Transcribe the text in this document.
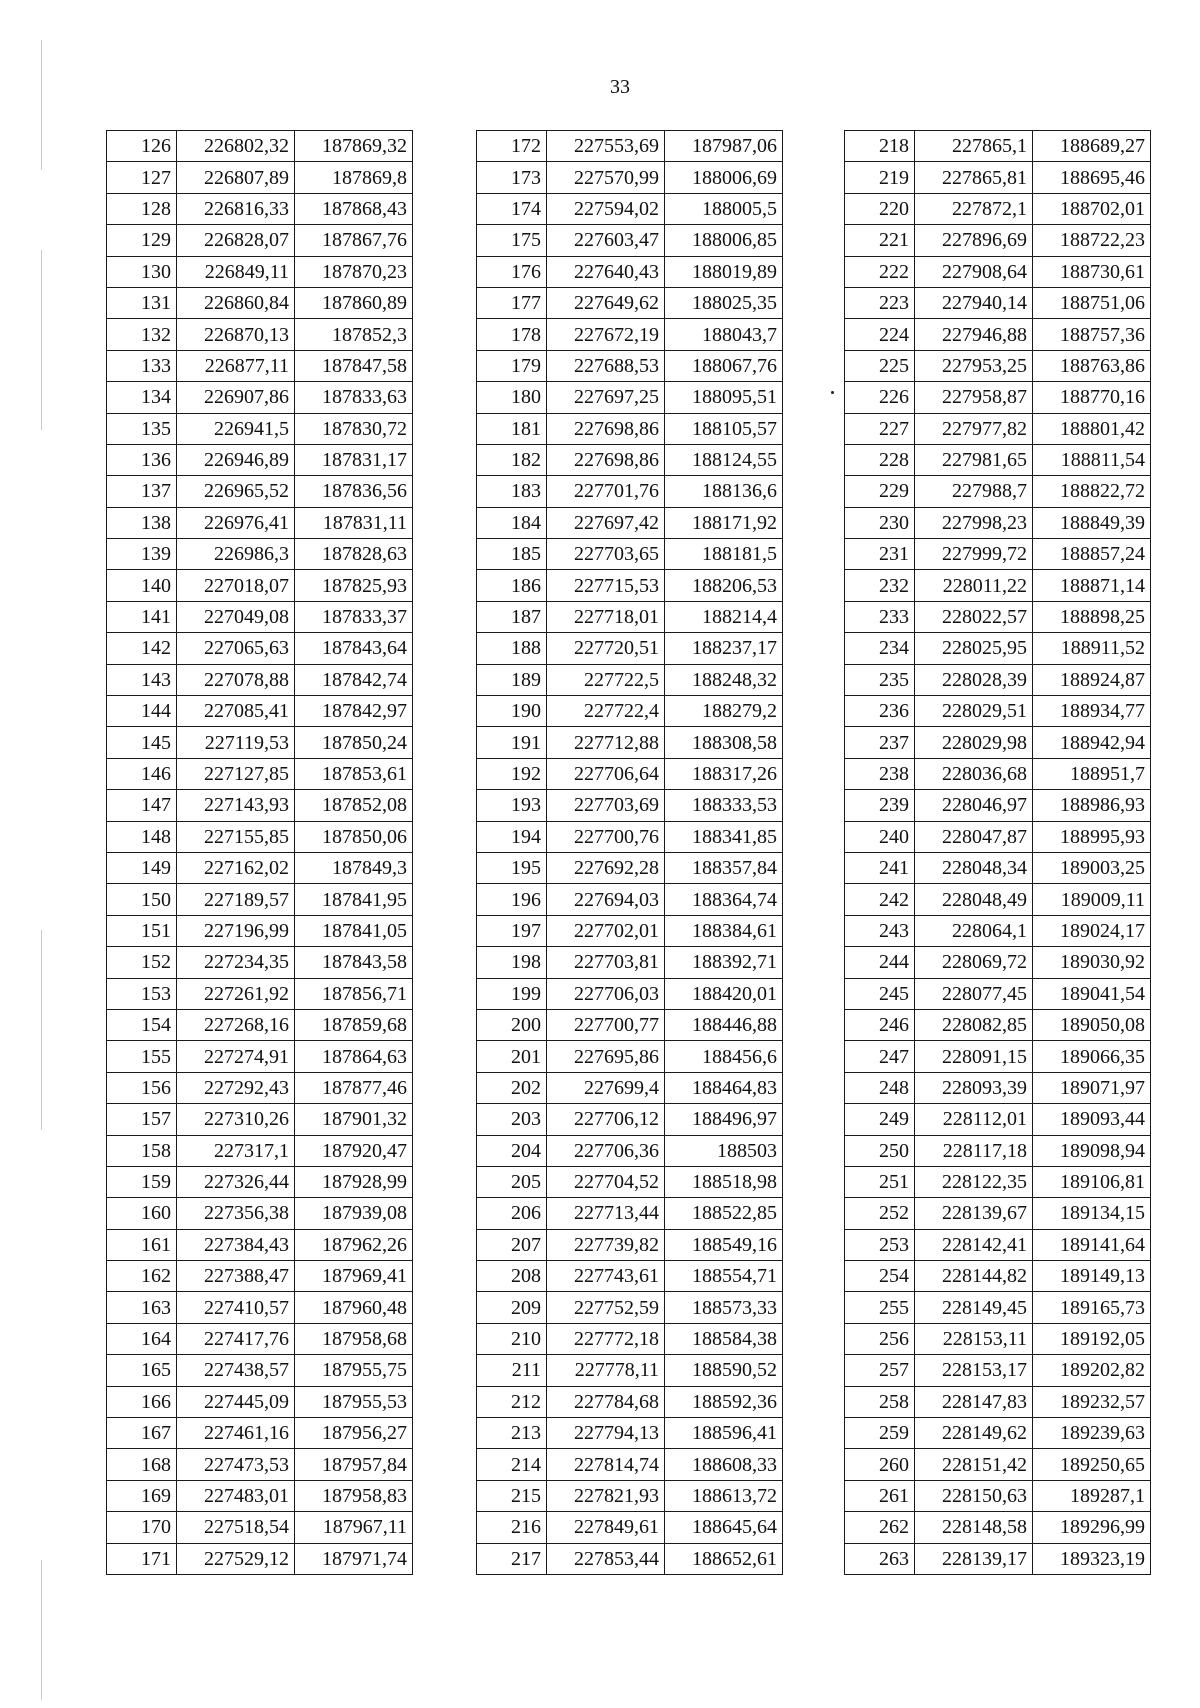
33
126	226802,32	187869,32
127	226807,89	187869,8
128	226816,33	187868,43
129	226828,07	187867,76
130	226849,11	187870,23
131	226860,84	187860,89
132	226870,13	187852,3
133	226877,11	187847,58
134	226907,86	187833,63
135	226941,5	187830,72
136	226946,89	187831,17
137	226965,52	187836,56
138	226976,41	187831,11
139	226986,3	187828,63
140	227018,07	187825,93
141	227049,08	187833,37
142	227065,63	187843,64
143	227078,88	187842,74
144	227085,41	187842,97
145	227119,53	187850,24
146	227127,85	187853,61
147	227143,93	187852,08
148	227155,85	187850,06
149	227162,02	187849,3
150	227189,57	187841,95
151	227196,99	187841,05
152	227234,35	187843,58
153	227261,92	187856,71
154	227268,16	187859,68
155	227274,91	187864,63
156	227292,43	187877,46
157	227310,26	187901,32
158	227317,1	187920,47
159	227326,44	187928,99
160	227356,38	187939,08
161	227384,43	187962,26
162	227388,47	187969,41
163	227410,57	187960,48
164	227417,76	187958,68
165	227438,57	187955,75
166	227445,09	187955,53
167	227461,16	187956,27
168	227473,53	187957,84
169	227483,01	187958,83
170	227518,54	187967,11
171	227529,12	187971,74
172	227553,69	187987,06
173	227570,99	188006,69
174	227594,02	188005,5
175	227603,47	188006,85
176	227640,43	188019,89
177	227649,62	188025,35
178	227672,19	188043,7
179	227688,53	188067,76
180	227697,25	188095,51
181	227698,86	188105,57
182	227698,86	188124,55
183	227701,76	188136,6
184	227697,42	188171,92
185	227703,65	188181,5
186	227715,53	188206,53
187	227718,01	188214,4
188	227720,51	188237,17
189	227722,5	188248,32
190	227722,4	188279,2
191	227712,88	188308,58
192	227706,64	188317,26
193	227703,69	188333,53
194	227700,76	188341,85
195	227692,28	188357,84
196	227694,03	188364,74
197	227702,01	188384,61
198	227703,81	188392,71
199	227706,03	188420,01
200	227700,77	188446,88
201	227695,86	188456,6
202	227699,4	188464,83
203	227706,12	188496,97
204	227706,36	188503
205	227704,52	188518,98
206	227713,44	188522,85
207	227739,82	188549,16
208	227743,61	188554,71
209	227752,59	188573,33
210	227772,18	188584,38
211	227778,11	188590,52
212	227784,68	188592,36
213	227794,13	188596,41
214	227814,74	188608,33
215	227821,93	188613,72
216	227849,61	188645,64
217	227853,44	188652,61
218	227865,1	188689,27
219	227865,81	188695,46
220	227872,1	188702,01
221	227896,69	188722,23
222	227908,64	188730,61
223	227940,14	188751,06
224	227946,88	188757,36
225	227953,25	188763,86
226	227958,87	188770,16
227	227977,82	188801,42
228	227981,65	188811,54
229	227988,7	188822,72
230	227998,23	188849,39
231	227999,72	188857,24
232	228011,22	188871,14
233	228022,57	188898,25
234	228025,95	188911,52
235	228028,39	188924,87
236	228029,51	188934,77
237	228029,98	188942,94
238	228036,68	188951,7
239	228046,97	188986,93
240	228047,87	188995,93
241	228048,34	189003,25
242	228048,49	189009,11
243	228064,1	189024,17
244	228069,72	189030,92
245	228077,45	189041,54
246	228082,85	189050,08
247	228091,15	189066,35
248	228093,39	189071,97
249	228112,01	189093,44
250	228117,18	189098,94
251	228122,35	189106,81
252	228139,67	189134,15
253	228142,41	189141,64
254	228144,82	189149,13
255	228149,45	189165,73
256	228153,11	189192,05
257	228153,17	189202,82
258	228147,83	189232,57
259	228149,62	189239,63
260	228151,42	189250,65
261	228150,63	189287,1
262	228148,58	189296,99
263	228139,17	189323,19
